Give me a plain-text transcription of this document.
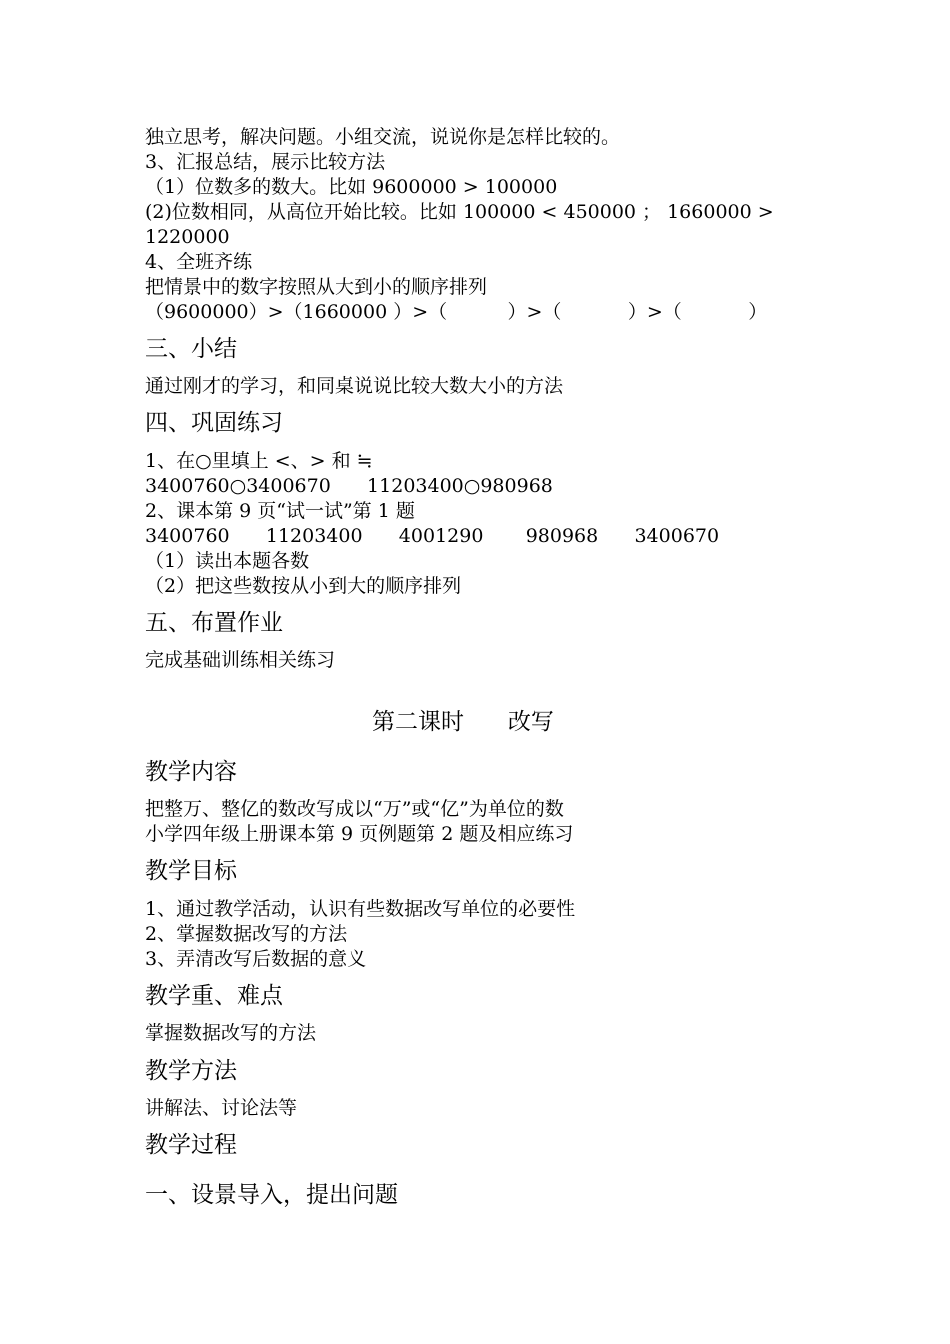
独立思考，解决问题。小组交流，说说你是怎样比较的。
3、汇报总结，展示比较方法
（1）位数多的数大。比如 9600000 > 100000
(2)位数相同，从高位开始比较。比如 100000 < 450000 ； 1660000 >
1220000
4、全班齐练
把情景中的数字按照从大到小的顺序排列
（9600000）>（1660000 ）>（          ）>（           ）>（           ）
三、小结
通过刚才的学习，和同桌说说比较大数大小的方法
四、巩固练习
1、在○里填上 <、> 和 ≒
3400760○3400670      11203400○980968
2、课本第 9 页“试一试”第 1 题
3400760      11203400      4001290       980968      3400670
（1）读出本题各数
（2）把这些数按从小到大的顺序排列
五、布置作业
完成基础训练相关练习
第二课时      改写
教学内容
把整万、整亿的数改写成以“万”或“亿”为单位的数
小学四年级上册课本第 9 页例题第 2 题及相应练习
教学目标
1、通过教学活动，认识有些数据改写单位的必要性
2、掌握数据改写的方法
3、弄清改写后数据的意义
教学重、难点
掌握数据改写的方法
教学方法
讲解法、讨论法等
教学过程
一、设景导入，提出问题
